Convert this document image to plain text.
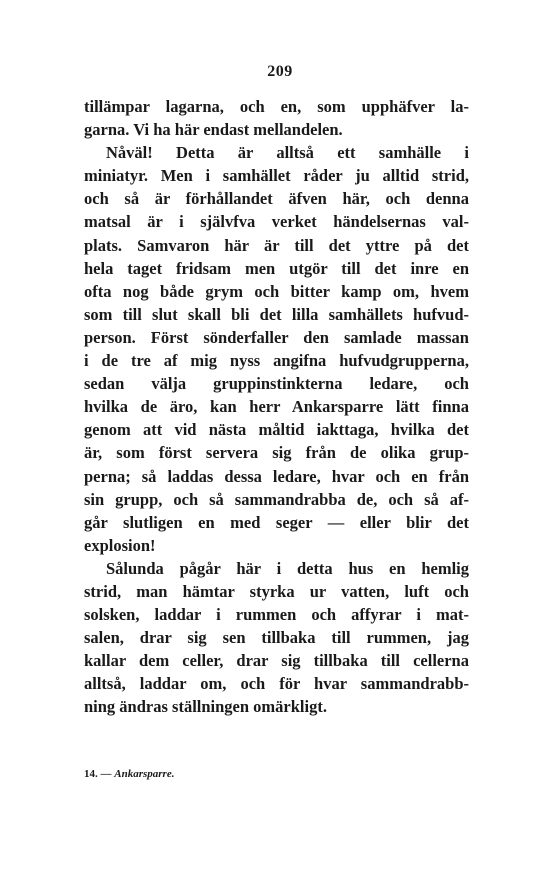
209
tillämpar lagarna, och en, som upphäfver la-
garna. Vi ha här endast mellandelen.
Nåväl! Detta är alltså ett samhälle i
miniatyr. Men i samhället råder ju alltid strid,
och så är förhållandet äfven här, och denna
matsal är i självfva verket händelsernas val-
plats. Samvaron här är till det yttre på det
hela taget fridsam men utgör till det inre en
ofta nog både grym och bitter kamp om, hvem
som till slut skall bli det lilla samhällets hufvud-
person. Först sönderfaller den samlade massan
i de tre af mig nyss angifna hufvudgrupperna,
sedan välja gruppinstinkterna ledare, och
hvilka de äro, kan herr Ankarsparre lätt finna
genom att vid nästa måltid iakttaga, hvilka det
är, som först servera sig från de olika grup-
perna; så laddas dessa ledare, hvar och en från
sin grupp, och så sammandrabba de, och så af-
går slutligen en med seger — eller blir det
explosion!
Sålunda pågår här i detta hus en hemlig
strid, man hämtar styrka ur vatten, luft och
solsken, laddar i rummen och affyrar i mat-
salen, drar sig sen tillbaka till rummen, jag
kallar dem celler, drar sig tillbaka till cellerna
alltså, laddar om, och för hvar sammandrabb-
ning ändras ställningen omärkligt.
14. — Ankarsparre.
